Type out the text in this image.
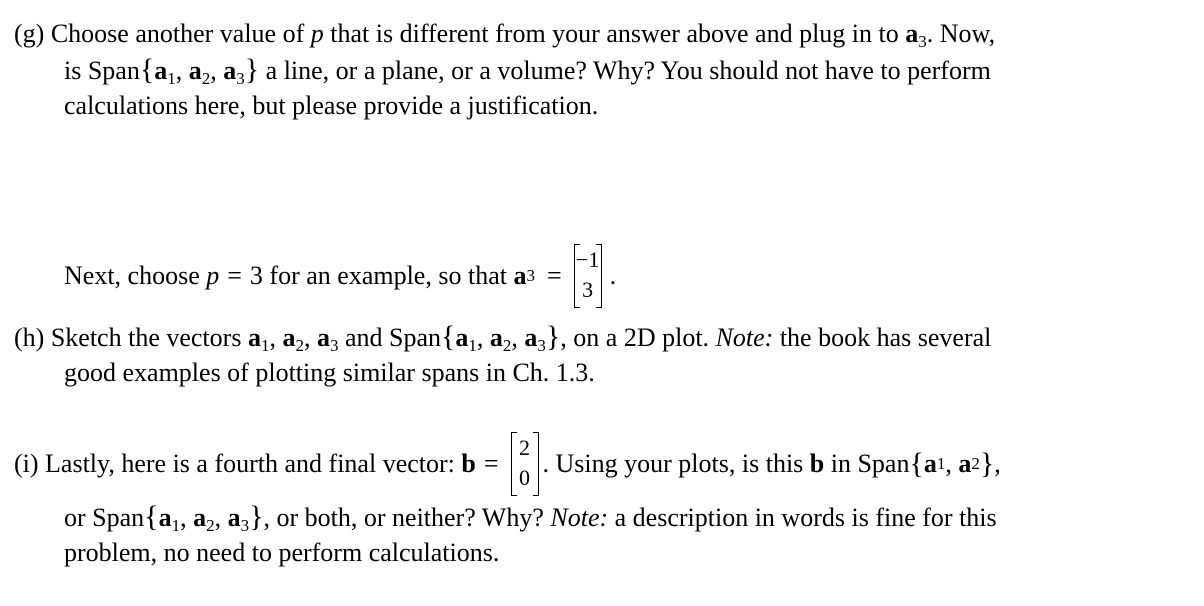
(g) Choose another value of p that is different from your answer above and plug in to $a_3$. Now,
is $Span\{a_1$, $a_2$, $a_3$} a line, or a plane, or a volume? Why? You should not have to perform
calculations here, but please provide a justification.
Next, choose
p = 3
for an example, so that
a 3 =
−1
3 .
(h) Sketch the vectors $a_1$, $a_2$, $a_3$ and $Span\{a_1$, $a_2$, $a_3$}, on a 2D plot. Note: the book has several
good examples of plotting similar spans in Ch. 1.3.
(i)
Lastly, here is a fourth and final vector:
b =
2
0 . Using your plots, is this
b
in Span { a 1 , a 2 } ,
or $Span\{a_1$, $a_2$, $a_3$}, or both, or neither? Why? Note: a description in words is fine for this
problem, no need to perform calculations.
